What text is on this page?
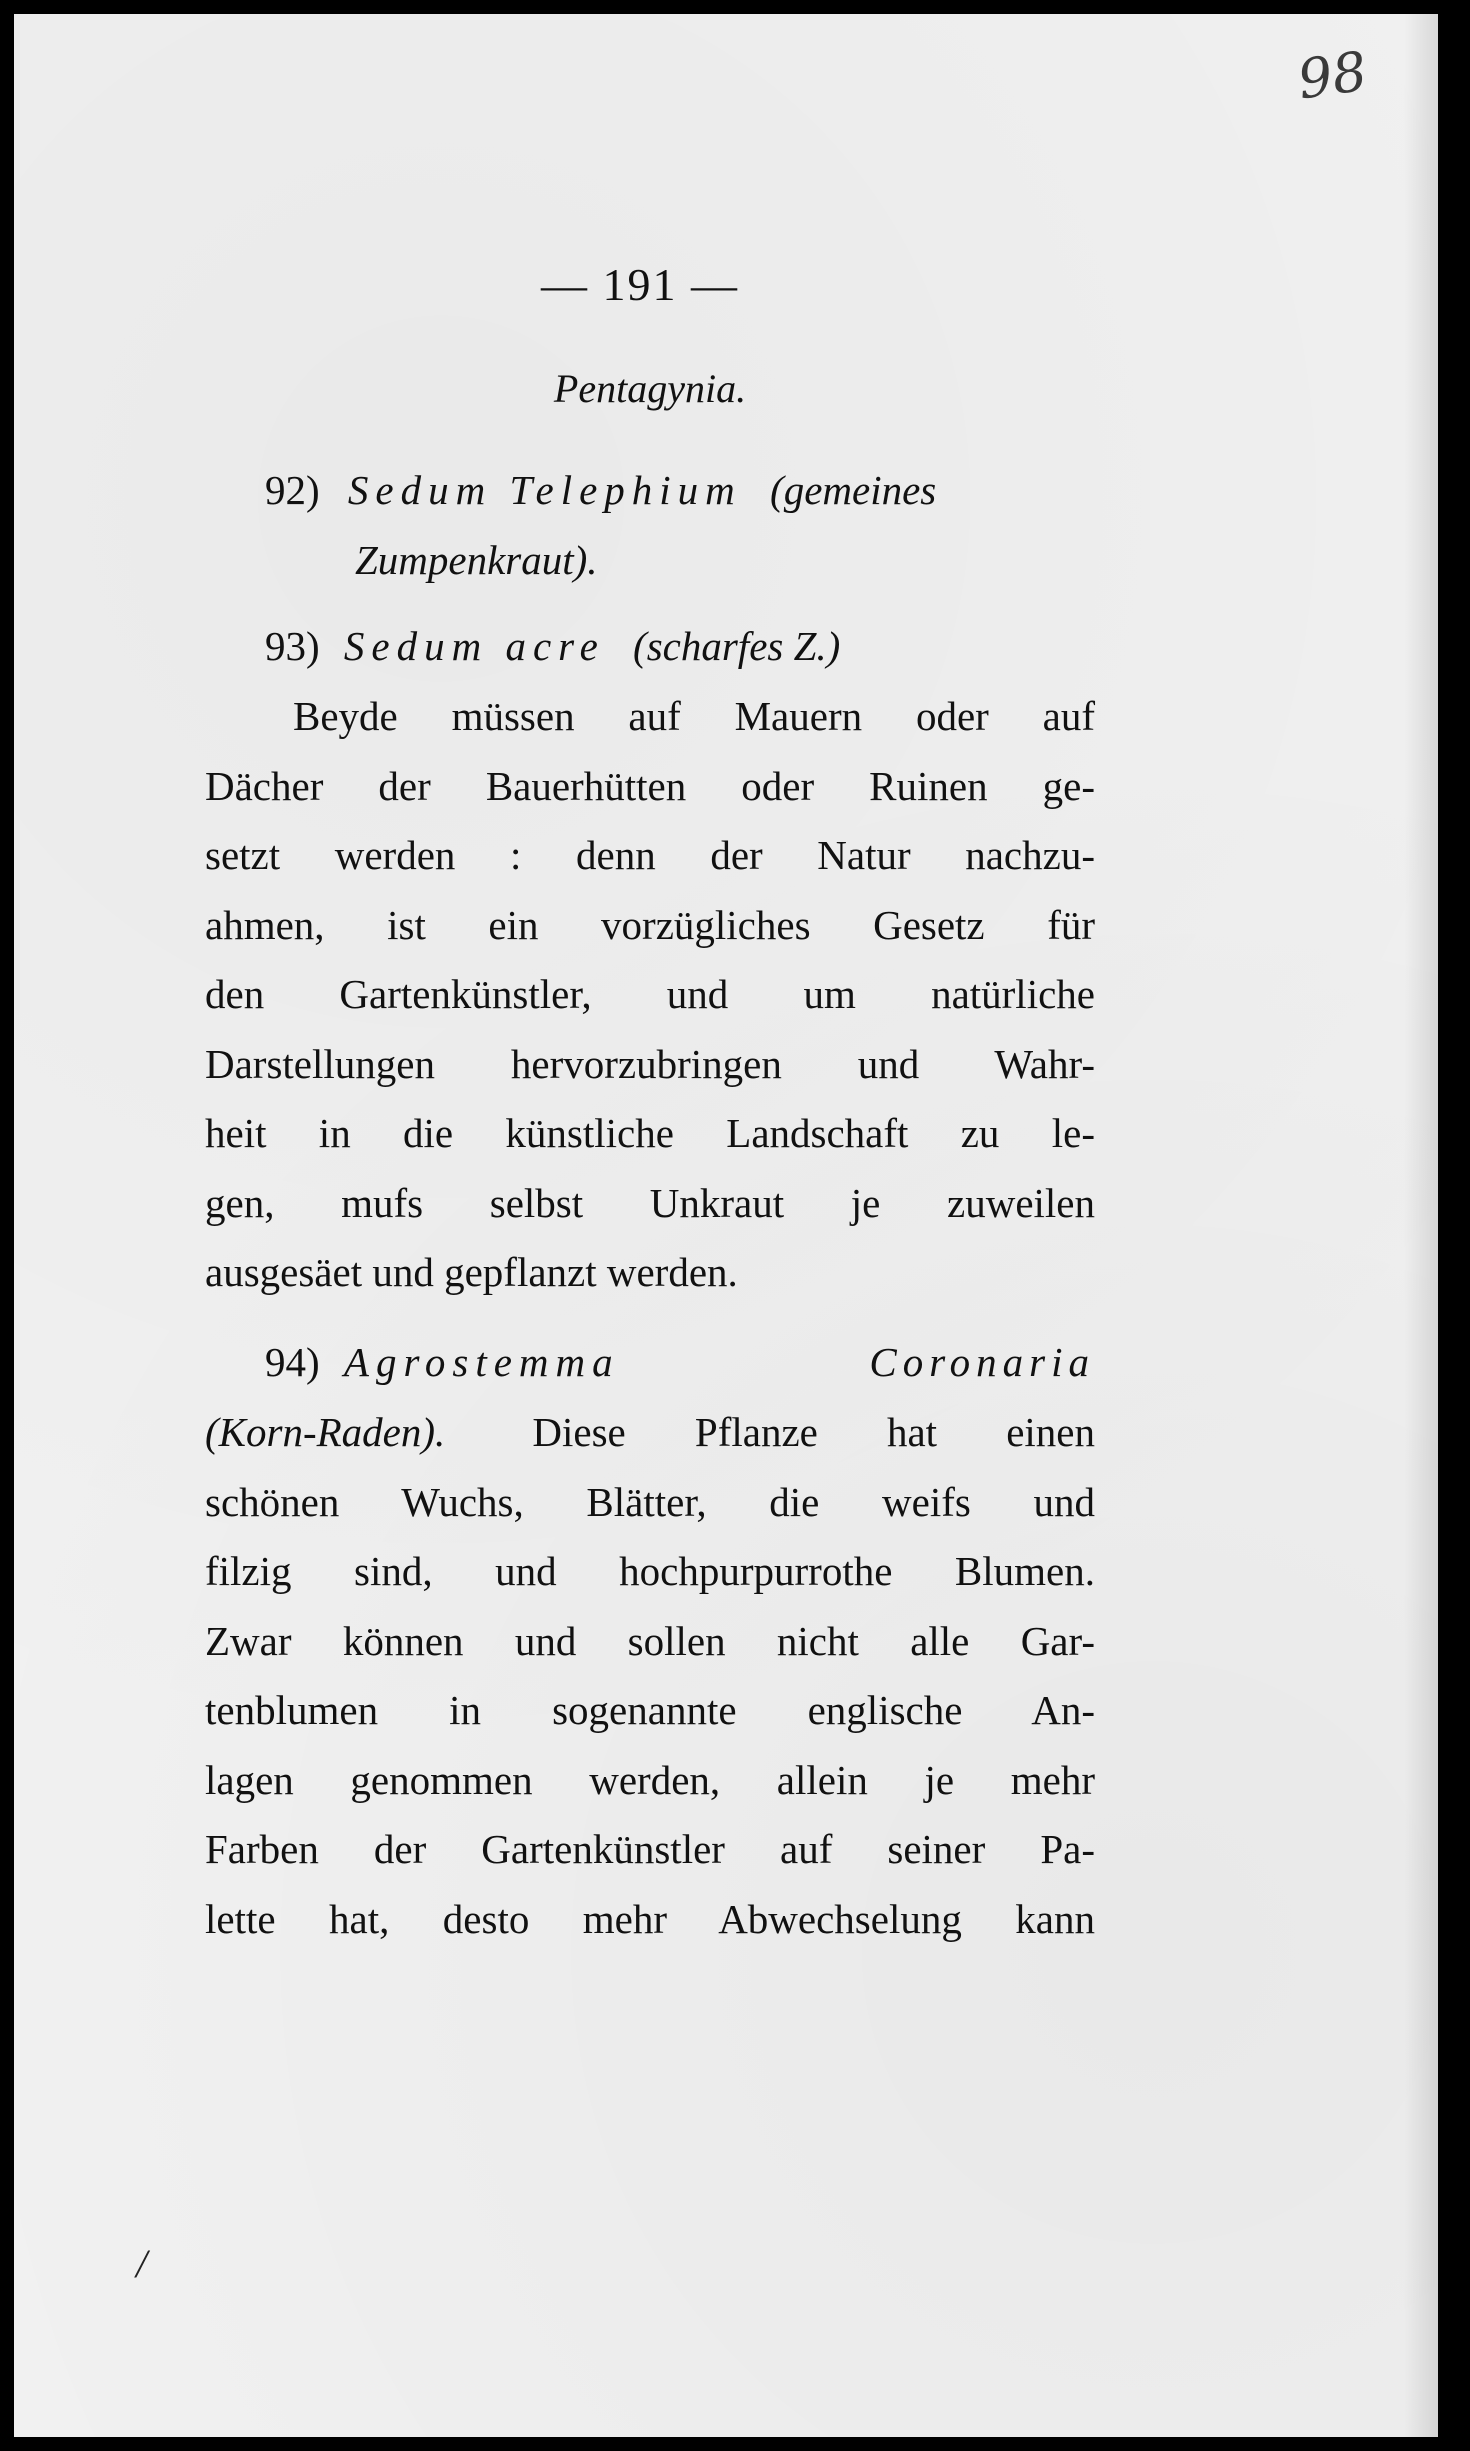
98
— 191 —
Pentagynia.
92) Sedum Telephium (gemeines
Zumpenkraut).
93) Sedum acre (scharfes Z.)
Beyde müssen auf Mauern oder auf
Dächer der Bauerhütten oder Ruinen ge-
setzt werden : denn der Natur nachzu-
ahmen, ist ein vorzügliches Gesetz für
den Gartenkünstler, und um natürliche
Darstellungen hervorzubringen und Wahr-
heit in die künstliche Landschaft zu le-
gen, mufs selbst Unkraut je zuweilen
ausgesäet und gepflanzt werden.
94) Agrostemma	Coronaria
(Korn-Raden). Diese Pflanze hat einen
schönen Wuchs, Blätter, die weifs und
filzig sind, und hochpurpurrothe Blumen.
Zwar können und sollen nicht alle Gar-
tenblumen in sogenannte englische An-
lagen genommen werden, allein je mehr
Farben der Gartenkünstler auf seiner Pa-
lette hat, desto mehr Abwechselung kann
/
